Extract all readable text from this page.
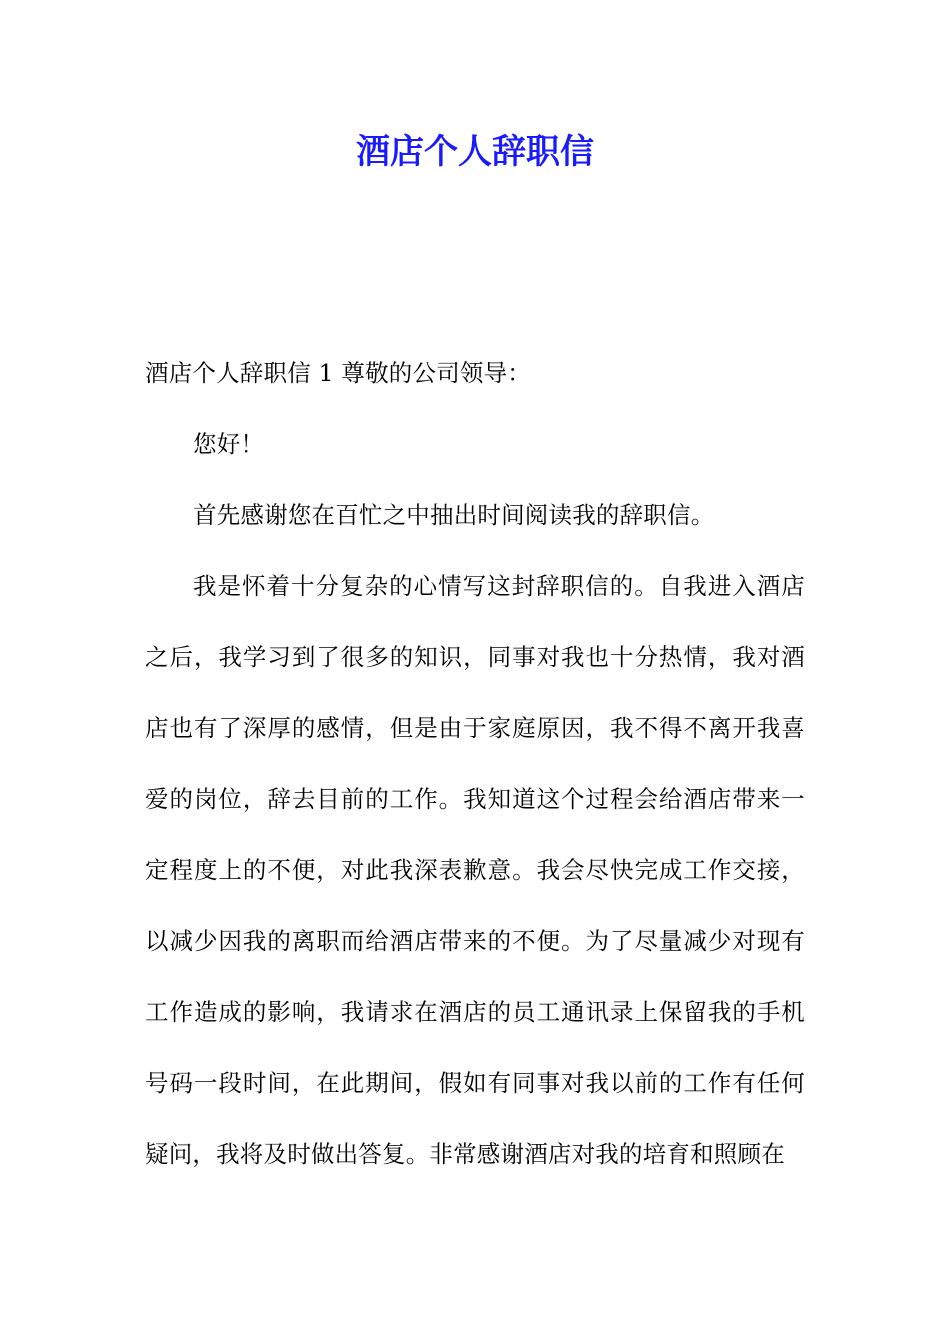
酒店个人辞职信

酒店个人辞职信 1 尊敬的公司领导：

您好！

首先感谢您在百忙之中抽出时间阅读我的辞职信。

我是怀着十分复杂的心情写这封辞职信的。自我进入酒店之后，我学习到了很多的知识，同事对我也十分热情，我对酒店也有了深厚的感情，但是由于家庭原因，我不得不离开我喜爱的岗位，辞去目前的工作。我知道这个过程会给酒店带来一定程度上的不便，对此我深表歉意。我会尽快完成工作交接，以减少因我的离职而给酒店带来的不便。为了尽量减少对现有工作造成的影响，我请求在酒店的员工通讯录上保留我的手机号码一段时间，在此期间，假如有同事对我以前的工作有任何疑问，我将及时做出答复。非常感谢酒店对我的培育和照顾在
